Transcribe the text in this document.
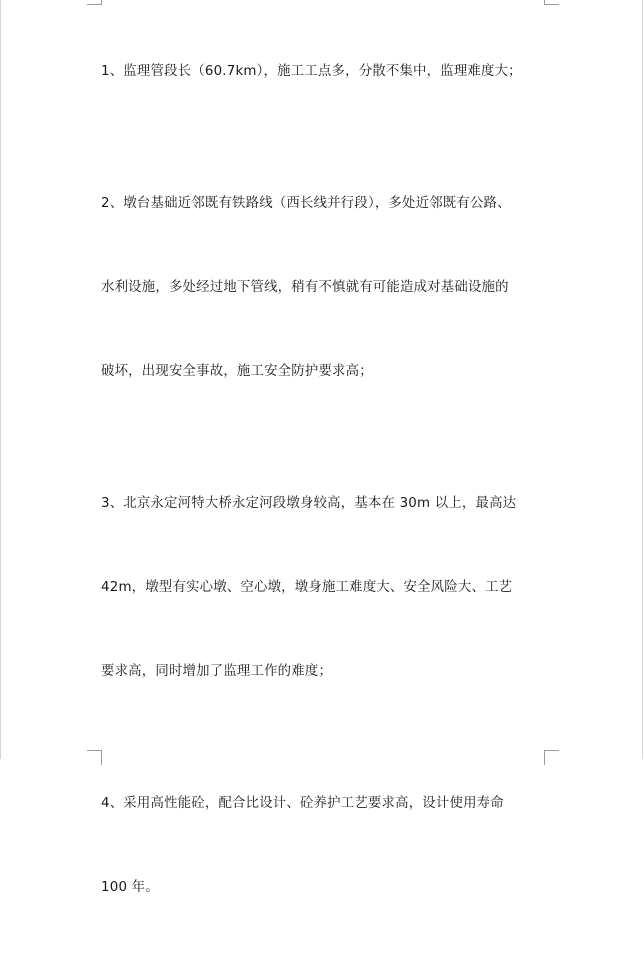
1、监理管段长（60.7km），施工工点多，分散不集中，监理难度大；

2、墩台基础近邻既有铁路线（西长线并行段），多处近邻既有公路、

水利设施，多处经过地下管线，稍有不慎就有可能造成对基础设施的

破坏，出现安全事故，施工安全防护要求高；

3、北京永定河特大桥永定河段墩身较高，基本在 30m 以上，最高达

42m，墩型有实心墩、空心墩，墩身施工难度大、安全风险大、工艺

要求高，同时增加了监理工作的难度；

4、采用高性能砼，配合比设计、砼养护工艺要求高，设计使用寿命

100 年。
